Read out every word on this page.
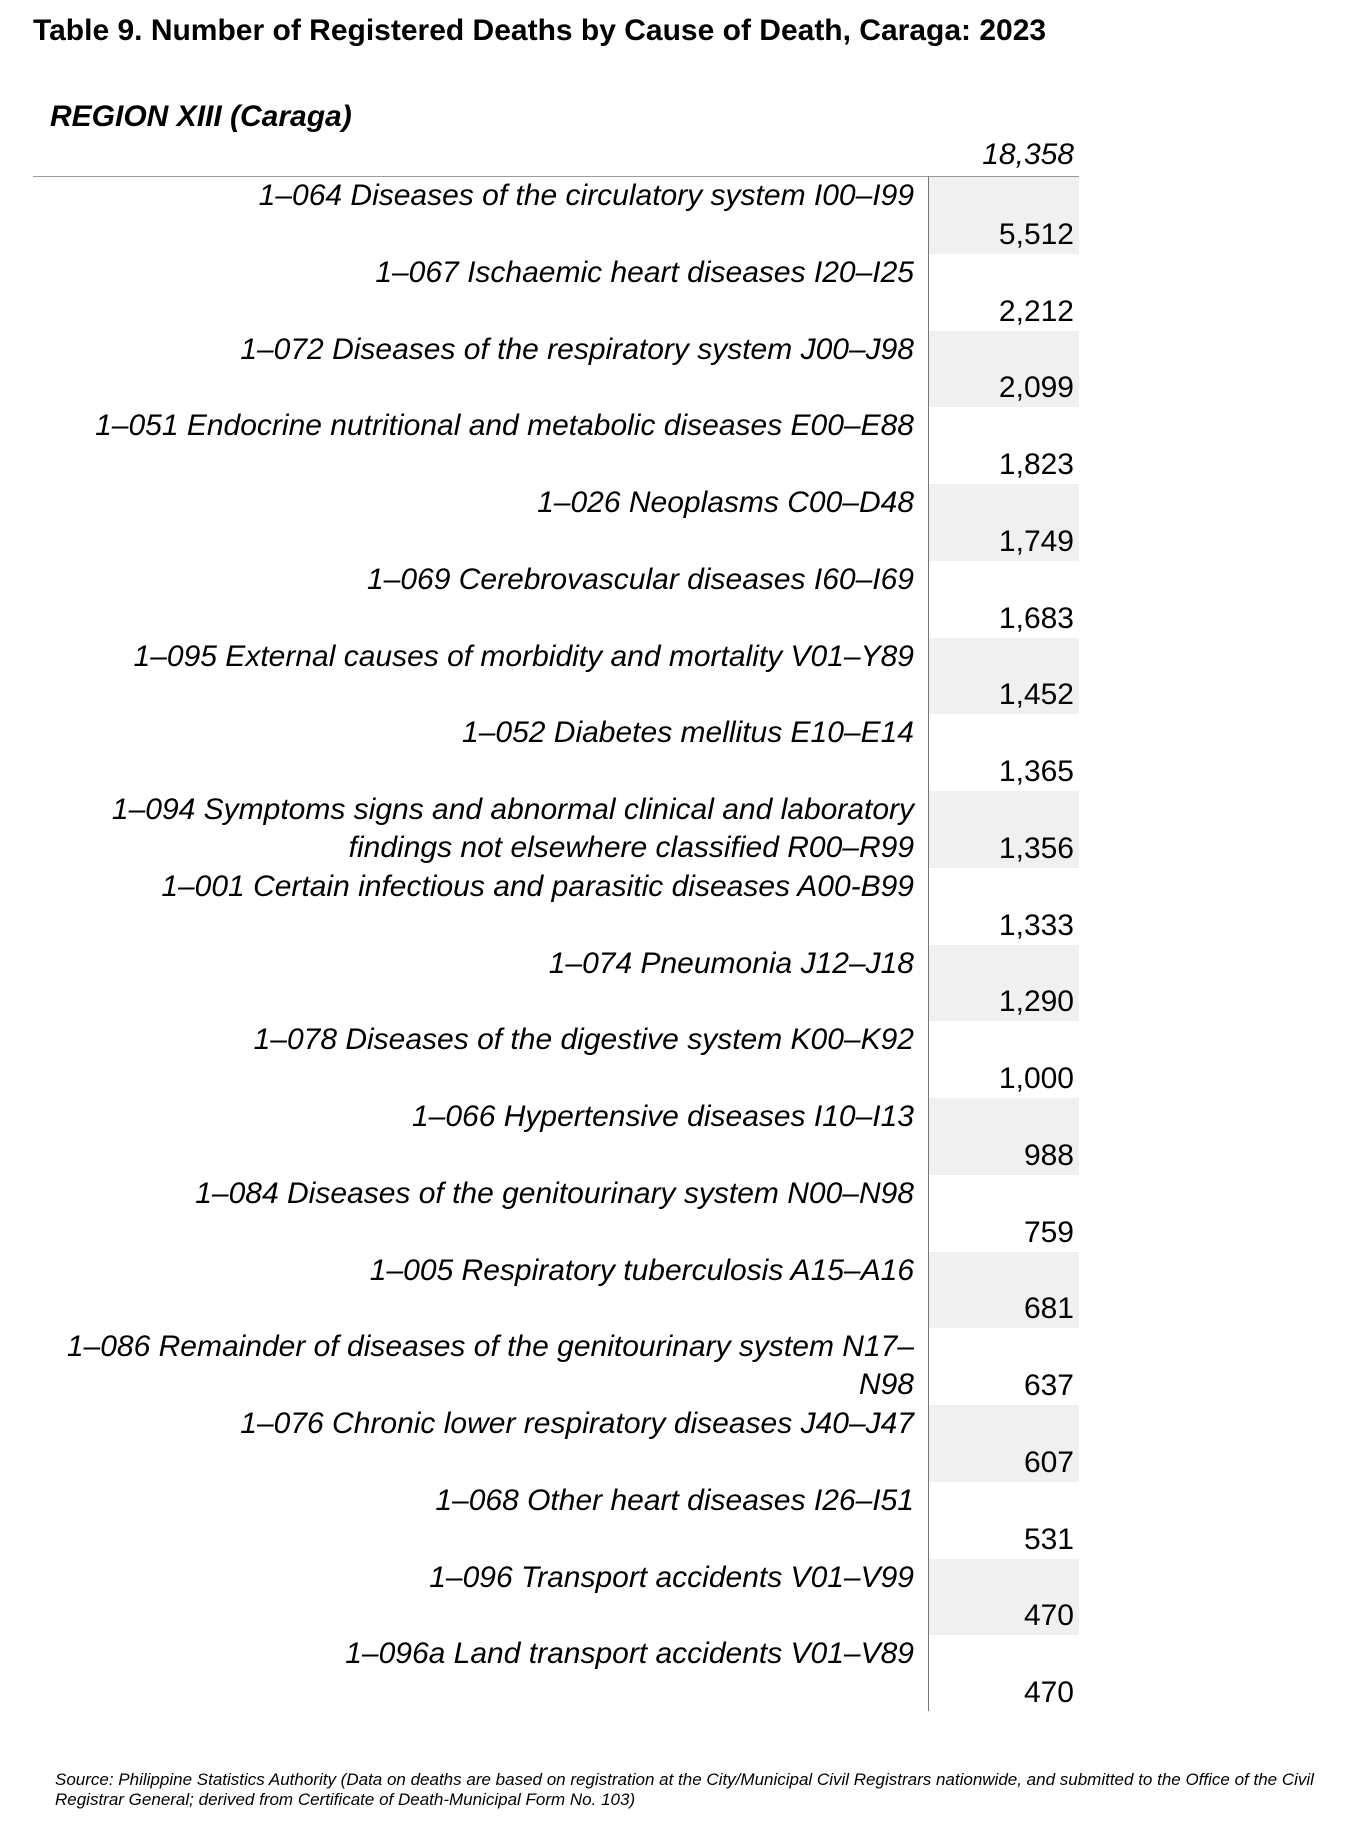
Table 9. Number of Registered Deaths by Cause of Death, Caraga: 2023
REGION XIII (Caraga)
18,358
1–064 Diseases of the circulatory system I00–I99
5,512
1–067 Ischaemic heart diseases I20–I25
2,212
1–072 Diseases of the respiratory system J00–J98
2,099
1–051 Endocrine nutritional and metabolic diseases E00–E88
1,823
1–026 Neoplasms C00–D48
1,749
1–069 Cerebrovascular diseases I60–I69
1,683
1–095 External causes of morbidity and mortality V01–Y89
1,452
1–052 Diabetes mellitus E10–E14
1,365
1–094 Symptoms signs and abnormal clinical and laboratory findings not elsewhere classified R00–R99	1,356
1–001 Certain infectious and parasitic diseases A00-B99
1,333
1–074 Pneumonia J12–J18
1,290
1–078 Diseases of the digestive system K00–K92
1,000
1–066 Hypertensive diseases I10–I13
988
1–084 Diseases of the genitourinary system N00–N98
759
1–005 Respiratory tuberculosis A15–A16
681
1–086 Remainder of diseases of the genitourinary system N17–N98	637
1–076 Chronic lower respiratory diseases J40–J47
607
1–068 Other heart diseases I26–I51
531
1–096 Transport accidents V01–V99
470
1–096a Land transport accidents V01–V89
470
Source: Philippine Statistics Authority (Data on deaths are based on registration at the City/Municipal Civil Registrars nationwide, and submitted to the Office of the Civil Registrar General; derived from Certificate of Death-Municipal Form No. 103)
